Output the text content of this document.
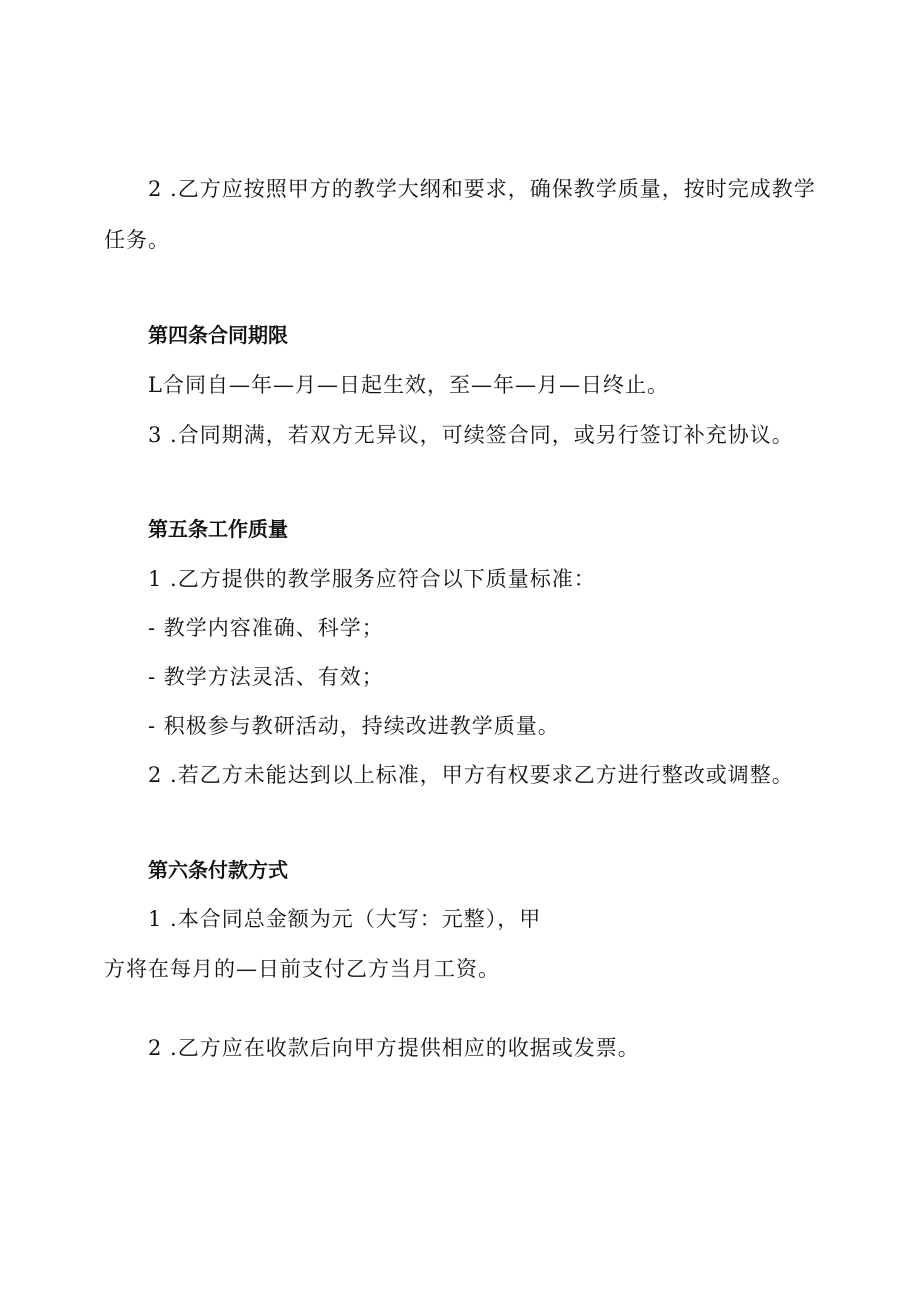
2 .乙方应按照甲方的教学大纲和要求，确保教学质量，按时完成教学
任务。
第四条合同期限
L合同自—年—月—日起生效，至—年—月—日终止。
3 .合同期满，若双方无异议，可续签合同，或另行签订补充协议。
第五条工作质量
1 .乙方提供的教学服务应符合以下质量标准：
- 教学内容准确、科学；
- 教学方法灵活、有效；
- 积极参与教研活动，持续改进教学质量。
2 .若乙方未能达到以上标准，甲方有权要求乙方进行整改或调整。
第六条付款方式
1 .本合同总金额为元（大写：元整），甲
方将在每月的—日前支付乙方当月工资。
2 .乙方应在收款后向甲方提供相应的收据或发票。
